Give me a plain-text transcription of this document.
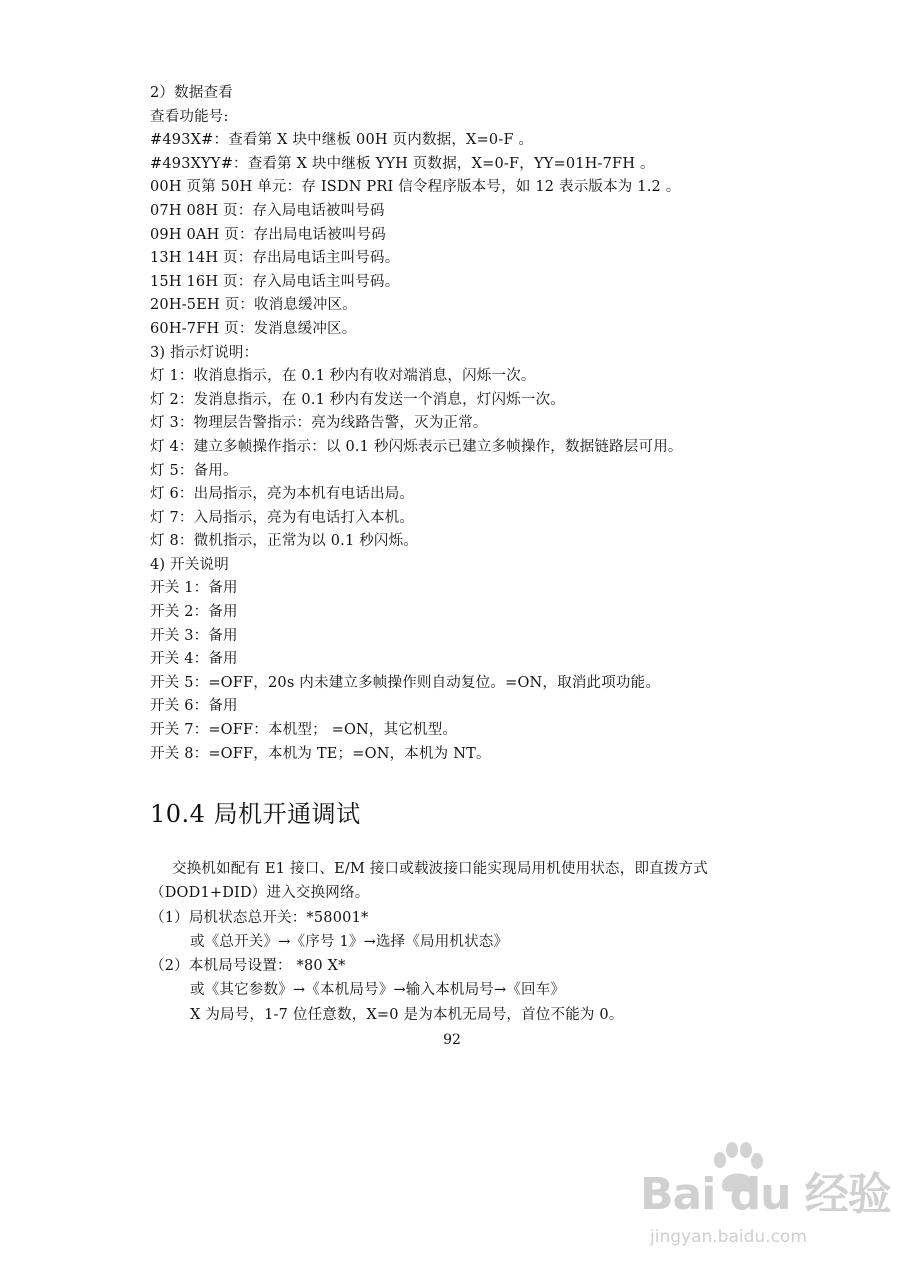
2）数据查看
查看功能号:
#493X#：查看第 X 块中继板 00H 页内数据，X=0-F 。
#493XYY#：查看第 X 块中继板 YYH 页数据，X=0-F，YY=01H-7FH 。
00H 页第 50H 单元：存 ISDN PRI 信令程序版本号，如 12 表示版本为 1.2 。
07H 08H 页：存入局电话被叫号码
09H 0AH 页：存出局电话被叫号码
13H 14H 页：存出局电话主叫号码。
15H 16H 页：存入局电话主叫号码。
20H-5EH 页：收消息缓冲区。
60H-7FH 页：发消息缓冲区。
3) 指示灯说明：
灯 1：收消息指示，在 0.1 秒内有收对端消息，闪烁一次。
灯 2：发消息指示，在 0.1 秒内有发送一个消息，灯闪烁一次。
灯 3：物理层告警指示：亮为线路告警，灭为正常。
灯 4：建立多帧操作指示：以 0.1 秒闪烁表示已建立多帧操作，数据链路层可用。
灯 5：备用。
灯 6：出局指示，亮为本机有电话出局。
灯 7：入局指示，亮为有电话打入本机。
灯 8：微机指示，正常为以 0.1 秒闪烁。
4) 开关说明
开关 1：备用
开关 2：备用
开关 3：备用
开关 4：备用
开关 5：=OFF，20s 内未建立多帧操作则自动复位。=ON，取消此项功能。
开关 6：备用
开关 7：=OFF：本机型； =ON，其它机型。
开关 8：=OFF，本机为 TE；=ON，本机为 NT。
10.4 局机开通调试
交换机如配有 E1 接口、E/M 接口或载波接口能实现局用机使用状态，即直拨方式
（DOD1+DID）进入交换网络。
（1）局机状态总开关：*58001*
或《总开关》→《序号 1》→选择《局用机状态》
（2）本机局号设置： *80 X*
或《其它参数》→《本机局号》→输入本机局号→《回车》
X 为局号，1-7 位任意数，X=0 是为本机无局号，首位不能为 0。
92
Bai du 经验
jingyan.baidu.com
